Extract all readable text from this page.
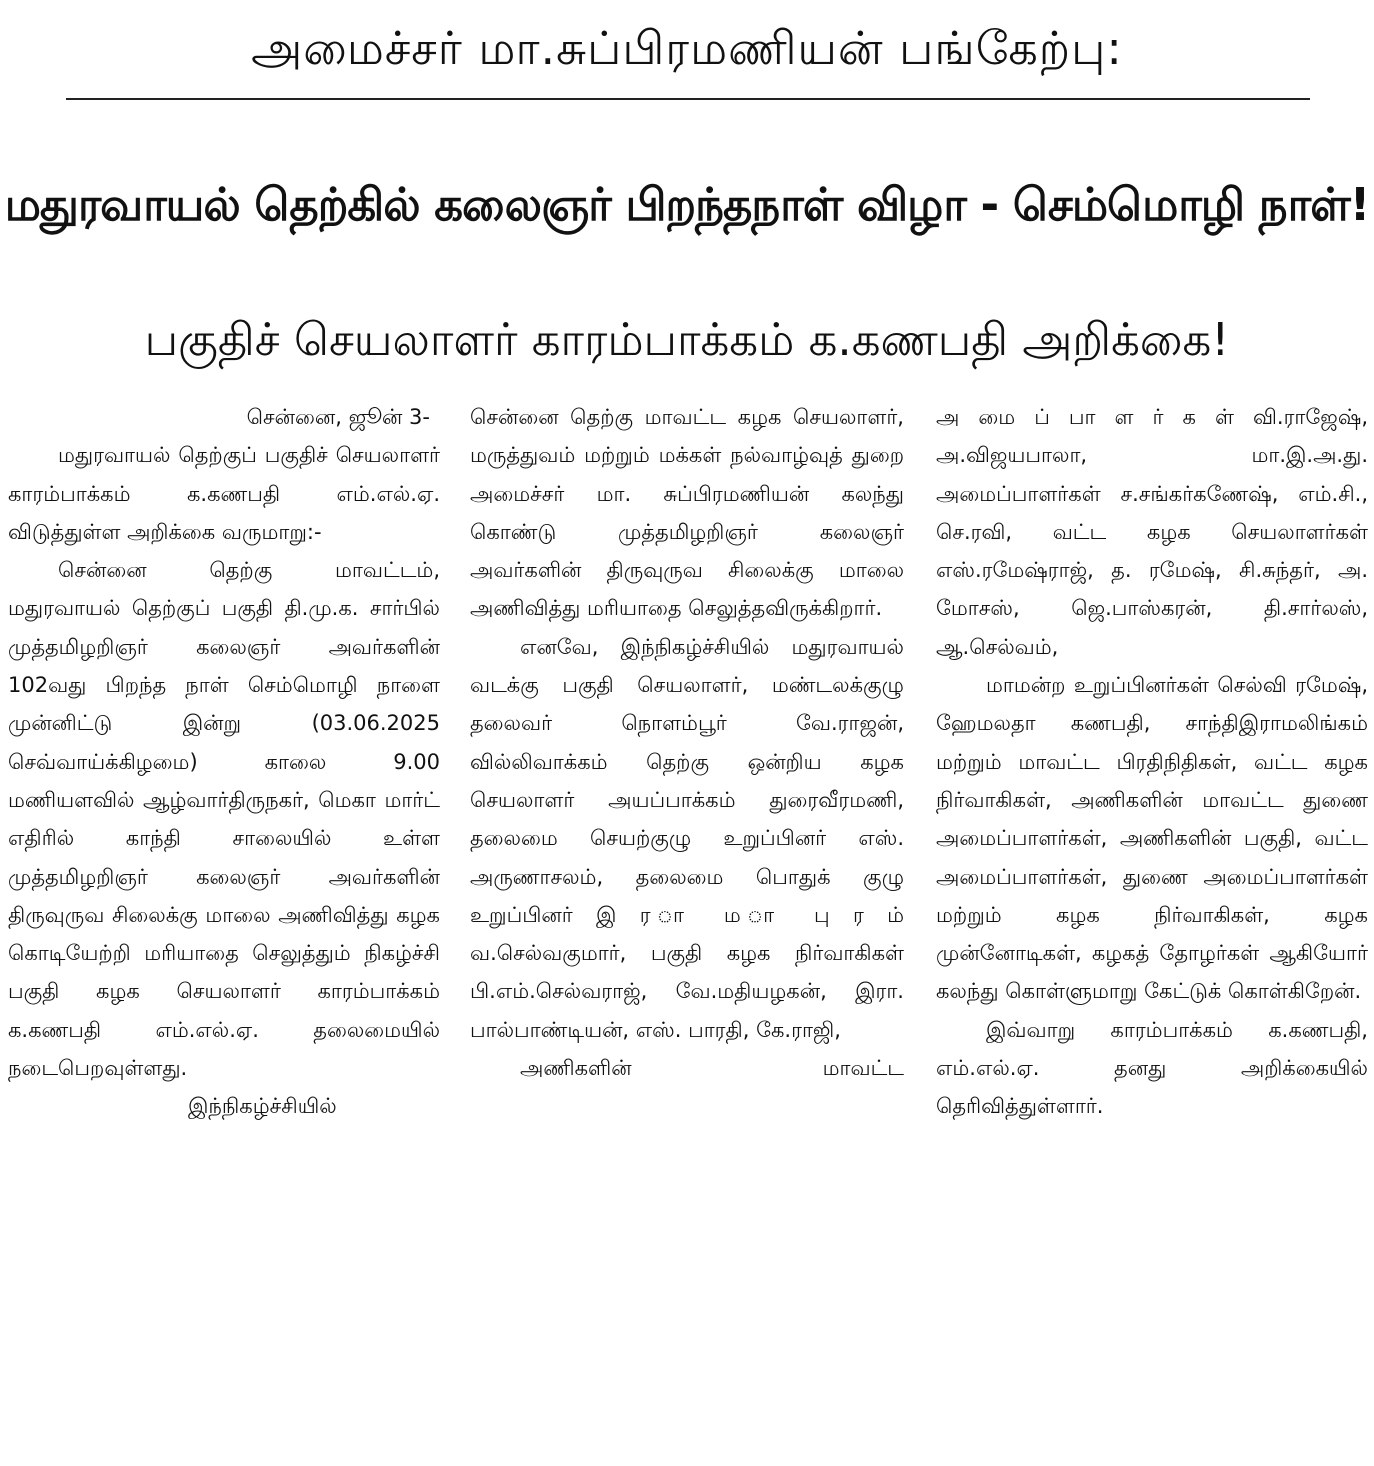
அமைச்சர் மா.சுப்பிரமணியன் பங்கேற்பு:
மதுரவாயல் தெற்கில் கலைஞர் பிறந்தநாள் விழா - செம்மொழி நாள்!
பகுதிச் செயலாளர் காரம்பாக்கம் க.கணபதி அறிக்கை!

சென்னை, ஜூன் 3-

மதுரவாயல் தெற்குப் பகுதிச் செயலாளர் காரம்பாக்கம் க.கணபதி எம்.எல்.ஏ. விடுத்துள்ள அறிக்கை வருமாறு:-

சென்னை தெற்கு மாவட்டம், மதுரவாயல் தெற்குப் பகுதி தி.மு.க. சார்பில் முத்தமிழறிஞர் கலைஞர் அவர்களின் 102வது பிறந்த நாள் செம்மொழி நாளை முன்னிட்டு இன்று (03.06.2025 செவ்வாய்க்கிழமை) காலை 9.00 மணியளவில் ஆழ்வார்திருநகர், மெகா மார்ட் எதிரில் காந்தி சாலையில் உள்ள முத்தமிழறிஞர் கலைஞர் அவர்களின் திருவுருவ சிலைக்கு மாலை அணிவித்து கழக கொடியேற்றி மரியாதை செலுத்தும் நிகழ்ச்சி பகுதி கழக செயலாளர் காரம்பாக்கம் க.கணபதி எம்.எல்.ஏ. தலைமையில் நடைபெறவுள்ளது.

இந்நிகழ்ச்சியில்

சென்னை தெற்கு மாவட்ட கழக செயலாளர், மருத்துவம் மற்றும் மக்கள் நல்வாழ்வுத் துறை அமைச்சர் மா. சுப்பிரமணியன் கலந்து கொண்டு முத்தமிழறிஞர் கலைஞர் அவர்களின் திருவுருவ சிலைக்கு மாலை அணிவித்து மரியாதை செலுத்தவிருக்கிறார்.

எனவே, இந்நிகழ்ச்சியில் மதுரவாயல் வடக்கு பகுதி செயலாளர், மண்டலக்குழு தலைவர் நொளம்பூர் வே.ராஜன், வில்லிவாக்கம் தெற்கு ஒன்றிய கழக செயலாளர் அயப்பாக்கம் துரைவீரமணி, தலைமை செயற்குழு உறுப்பினர் எஸ். அருணாசலம், தலைமை பொதுக் குழு உறுப்பினர் இ ர ா ம ா பு ர ம் வ.செல்வகுமார், பகுதி கழக நிர்வாகிகள் பி.எம்.செல்வராஜ், வே.மதியழகன், இரா. பால்பாண்டியன், எஸ். பாரதி, கே.ராஜி,

அணிகளின் மாவட்ட

அ மை ப் பா ள ர் க ள் வி.ராஜேஷ், அ.விஜயபாலா, மா.இ.அ.து. அமைப்பாளர்கள் ச.சங்கர்கணேஷ், எம்.சி., செ.ரவி, வட்ட கழக செயலாளர்கள் எஸ்.ரமேஷ்ராஜ், த. ரமேஷ், சி.சுந்தர், அ. மோசஸ், ஜெ.பாஸ்கரன், தி.சார்லஸ், ஆ.செல்வம்,

மாமன்ற உறுப்பினர்கள் செல்வி ரமேஷ், ஹேமலதா கணபதி, சாந்திஇராமலிங்கம் மற்றும் மாவட்ட பிரதிநிதிகள், வட்ட கழக நிர்வாகிகள், அணிகளின் மாவட்ட துணை அமைப்பாளர்கள், அணிகளின் பகுதி, வட்ட அமைப்பாளர்கள், துணை அமைப்பாளர்கள் மற்றும் கழக நிர்வாகிகள், கழக முன்னோடிகள், கழகத் தோழர்கள் ஆகியோர் கலந்து கொள்ளுமாறு கேட்டுக் கொள்கிறேன்.

இவ்வாறு காரம்பாக்கம் க.கணபதி, எம்.எல்.ஏ. தனது அறிக்கையில் தெரிவித்துள்ளார்.
